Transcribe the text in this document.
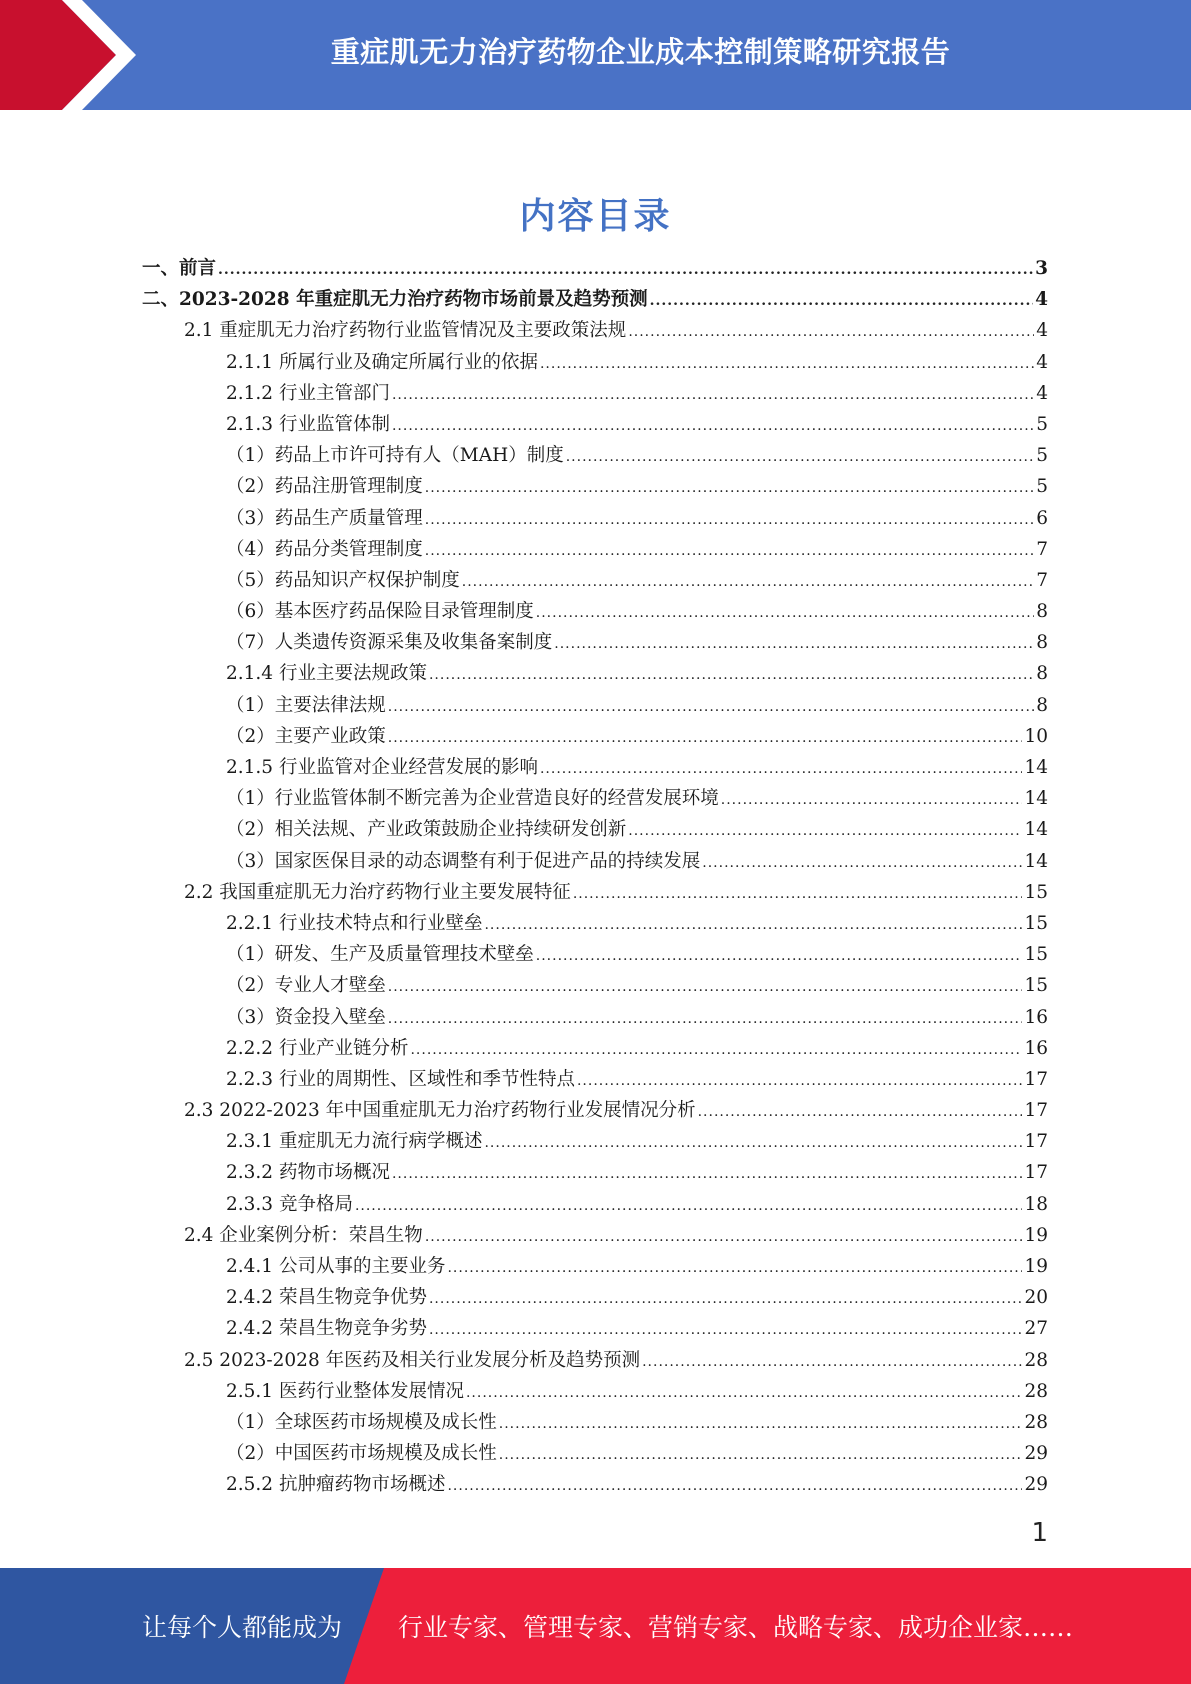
重症肌无力治疗药物企业成本控制策略研究报告
内容目录
一、前言 .....	3
二、2023-2028 年重症肌无力治疗药物市场前景及趋势预测 .....	4
2.1 重症肌无力治疗药物行业监管情况及主要政策法规 .....	4
2.1.1 所属行业及确定所属行业的依据 .....	4
2.1.2 行业主管部门 .....	4
2.1.3 行业监管体制 .....	5
（1）药品上市许可持有人（MAH）制度 .....	5
（2）药品注册管理制度 .....	5
（3）药品生产质量管理 .....	6
（4）药品分类管理制度 .....	7
（5）药品知识产权保护制度 .....	7
（6）基本医疗药品保险目录管理制度 .....	8
（7）人类遗传资源采集及收集备案制度 .....	8
2.1.4 行业主要法规政策 .....	8
（1）主要法律法规 .....	8
（2）主要产业政策 .....	10
2.1.5 行业监管对企业经营发展的影响 .....	14
（1）行业监管体制不断完善为企业营造良好的经营发展环境 .....	14
（2）相关法规、产业政策鼓励企业持续研发创新 .....	14
（3）国家医保目录的动态调整有利于促进产品的持续发展 .....	14
2.2 我国重症肌无力治疗药物行业主要发展特征 .....	15
2.2.1 行业技术特点和行业壁垒 .....	15
（1）研发、生产及质量管理技术壁垒 .....	15
（2）专业人才壁垒 .....	15
（3）资金投入壁垒 .....	16
2.2.2 行业产业链分析 .....	16
2.2.3 行业的周期性、区域性和季节性特点 .....	17
2.3 2022-2023 年中国重症肌无力治疗药物行业发展情况分析 .....	17
2.3.1 重症肌无力流行病学概述 .....	17
2.3.2 药物市场概况 .....	17
2.3.3 竞争格局 .....	18
2.4 企业案例分析：荣昌生物 .....	19
2.4.1 公司从事的主要业务 .....	19
2.4.2 荣昌生物竞争优势 .....	20
2.4.2 荣昌生物竞争劣势 .....	27
2.5 2023-2028 年医药及相关行业发展分析及趋势预测 .....	28
2.5.1 医药行业整体发展情况 .....	28
（1）全球医药市场规模及成长性 .....	28
（2）中国医药市场规模及成长性 .....	29
2.5.2 抗肿瘤药物市场概述 .....	29
1
让每个人都能成为 行业专家、管理专家、营销专家、战略专家、成功企业家……
